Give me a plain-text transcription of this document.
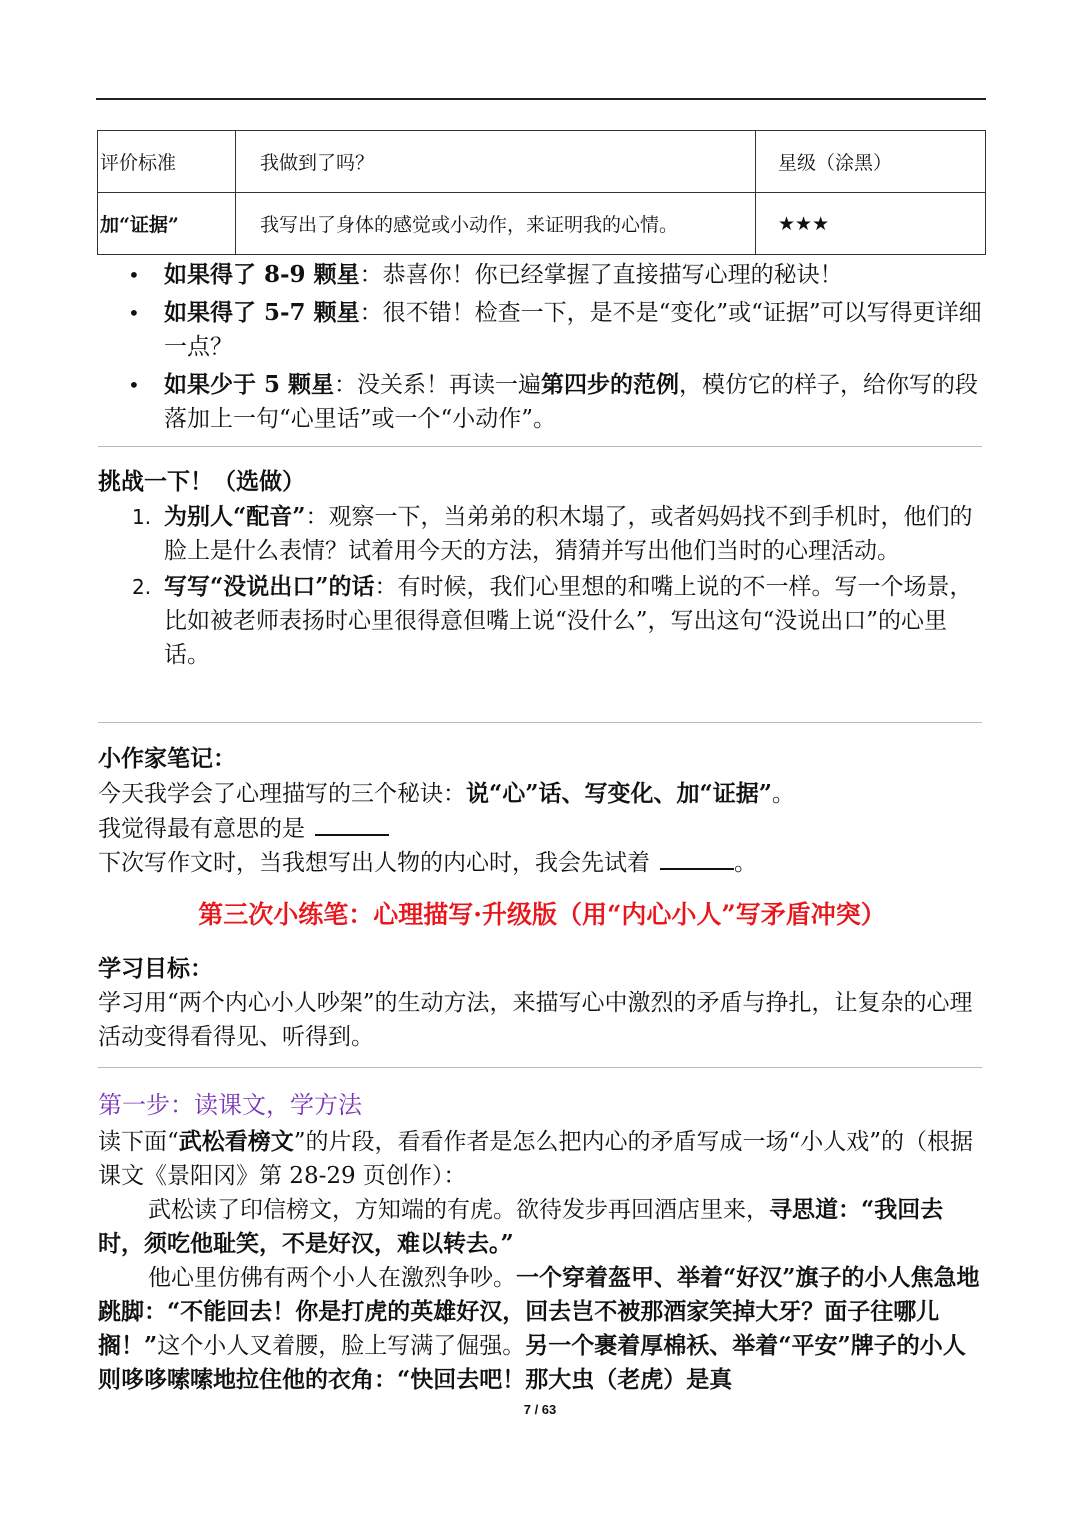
评价标准	我做到了吗？	星级（涂黑）
加“证据”	我写出了身体的感觉或小动作，来证明我的心情。	★★★
• 如果得了 8-9 颗星：恭喜你！你已经掌握了直接描写心理的秘诀！
• 如果得了 5-7 颗星：很不错！检查一下，是不是“变化”或“证据”可以写得更详细一点？
• 如果少于 5 颗星：没关系！再读一遍第四步的范例，模仿它的样子，给你写的段落加上一句“心里话”或一个“小动作”。
挑战一下！（选做）
1. 为别人“配音”：观察一下，当弟弟的积木塌了，或者妈妈找不到手机时，他们的脸上是什么表情？试着用今天的方法，猜猜并写出他们当时的心理活动。
2. 写写“没说出口”的话：有时候，我们心里想的和嘴上说的不一样。写一个场景，比如被老师表扬时心里很得意但嘴上说“没什么”，写出这句“没说出口”的心里话。
小作家笔记：
今天我学会了心理描写的三个秘诀：说“心”话、写变化、加“证据”。
我觉得最有意思的是
下次写作文时，当我想写出人物的内心时，我会先试着	。
第三次小练笔：心理描写·升级版（用“内心小人”写矛盾冲突）
学习目标：
学习用“两个内心小人吵架”的生动方法，来描写心中激烈的矛盾与挣扎，让复杂的心理活动变得看得见、听得到。
第一步：读课文，学方法
读下面“武松看榜文”的片段，看看作者是怎么把内心的矛盾写成一场“小人戏”的（根据课文《景阳冈》第 28-29 页创作）：
武松读了印信榜文，方知端的有虎。欲待发步再回酒店里来，寻思道：“我回去时，须吃他耻笑，不是好汉，难以转去。”
他心里仿佛有两个小人在激烈争吵。一个穿着盔甲、举着“好汉”旗子的小人焦急地跳脚：“不能回去！你是打虎的英雄好汉，回去岂不被那酒家笑掉大牙？面子往哪儿搁！”这个小人叉着腰，脸上写满了倔强。另一个裹着厚棉袄、举着“平安”牌子的小人则哆哆嗦嗦地拉住他的衣角：“快回去吧！那大虫（老虎）是真
7 / 63
